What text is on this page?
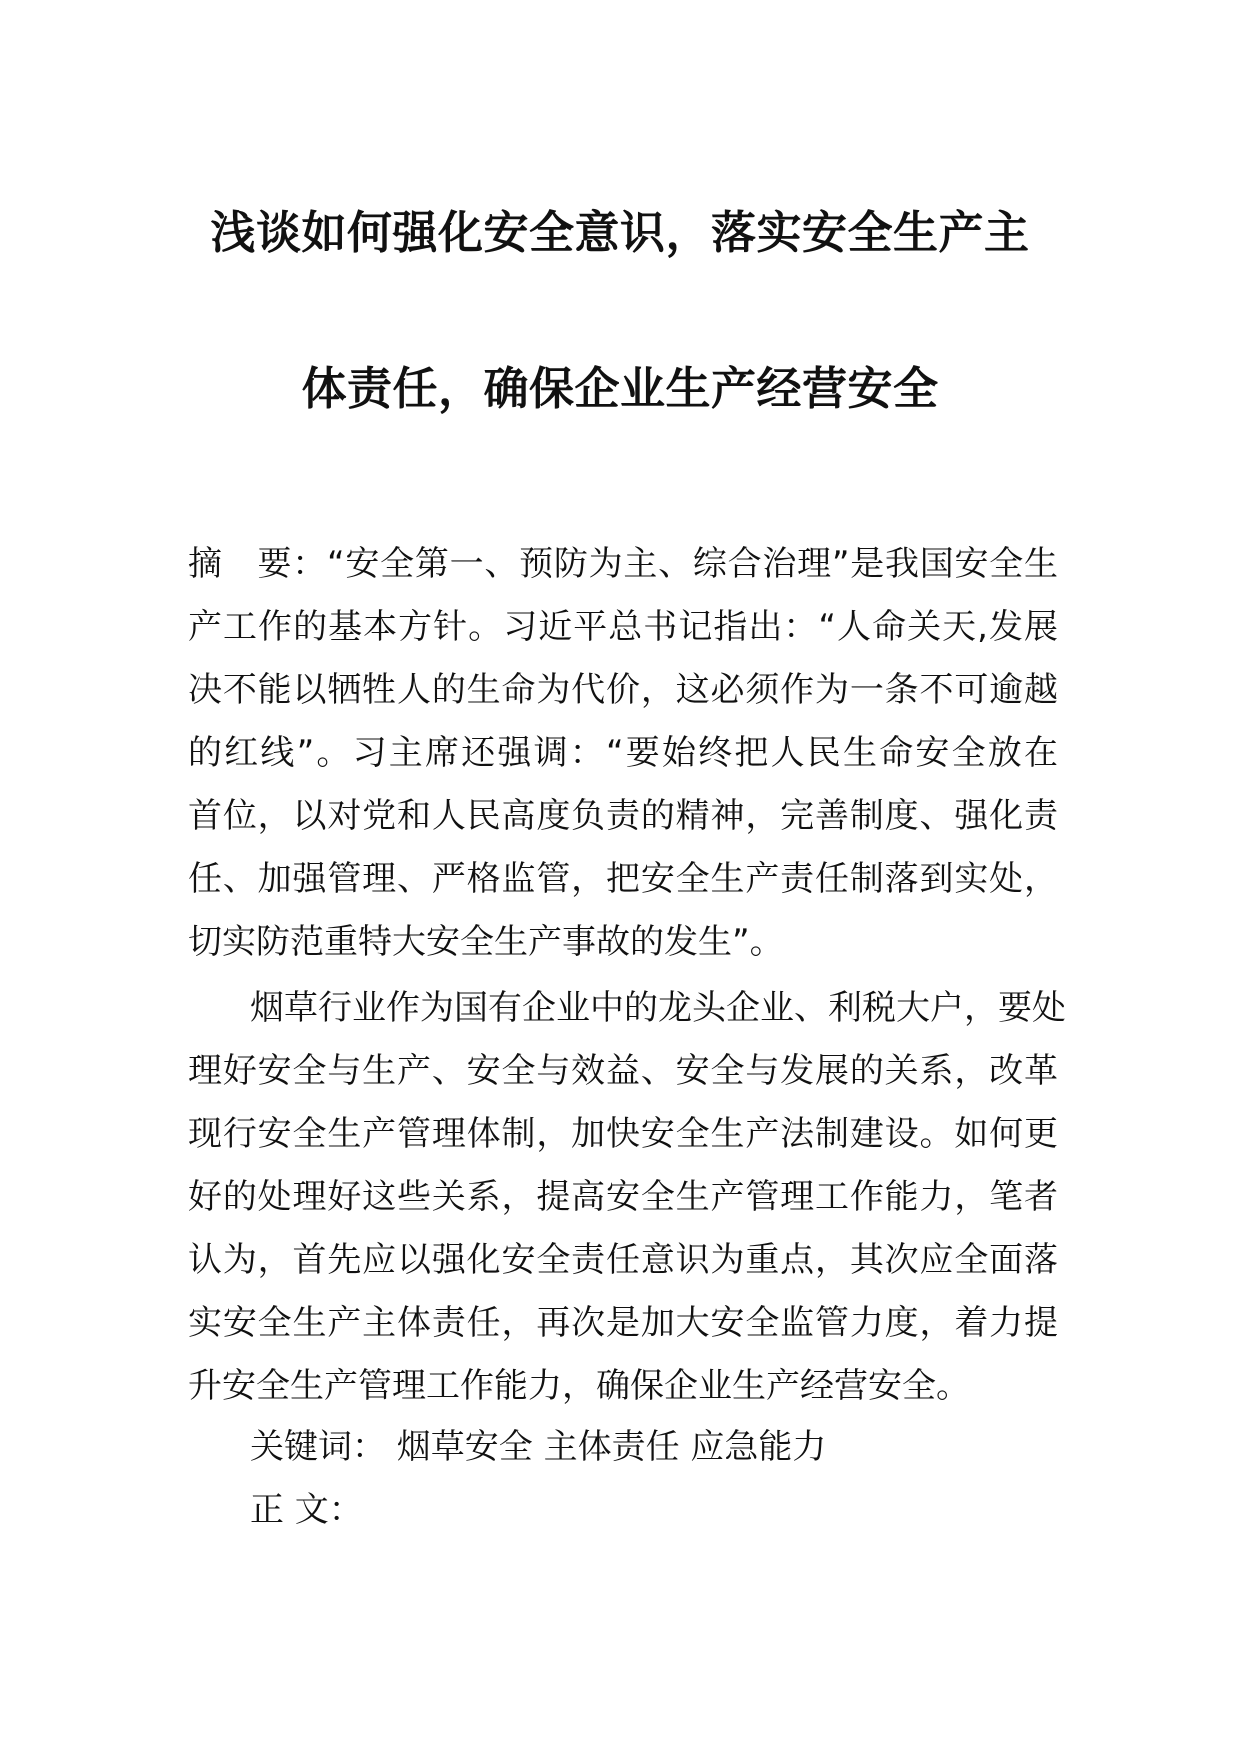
浅谈如何强化安全意识，落实安全生产主
体责任，确保企业生产经营安全
摘　要：“安全第一、预防为主、综合治理”是我国安全生
产工作的基本方针。习近平总书记指出：“人命关天,发展
决不能以牺牲人的生命为代价，这必须作为一条不可逾越
的红线”。习主席还强调：“要始终把人民生命安全放在
首位，以对党和人民高度负责的精神，完善制度、强化责
任、加强管理、严格监管，把安全生产责任制落到实处，
切实防范重特大安全生产事故的发生”。
烟草行业作为国有企业中的龙头企业、利税大户，要处
理好安全与生产、安全与效益、安全与发展的关系，改革
现行安全生产管理体制，加快安全生产法制建设。如何更
好的处理好这些关系，提高安全生产管理工作能力，笔者
认为，首先应以强化安全责任意识为重点，其次应全面落
实安全生产主体责任，再次是加大安全监管力度，着力提
升安全生产管理工作能力，确保企业生产经营安全。
关键词： 烟草安全 主体责任 应急能力
正 文：
